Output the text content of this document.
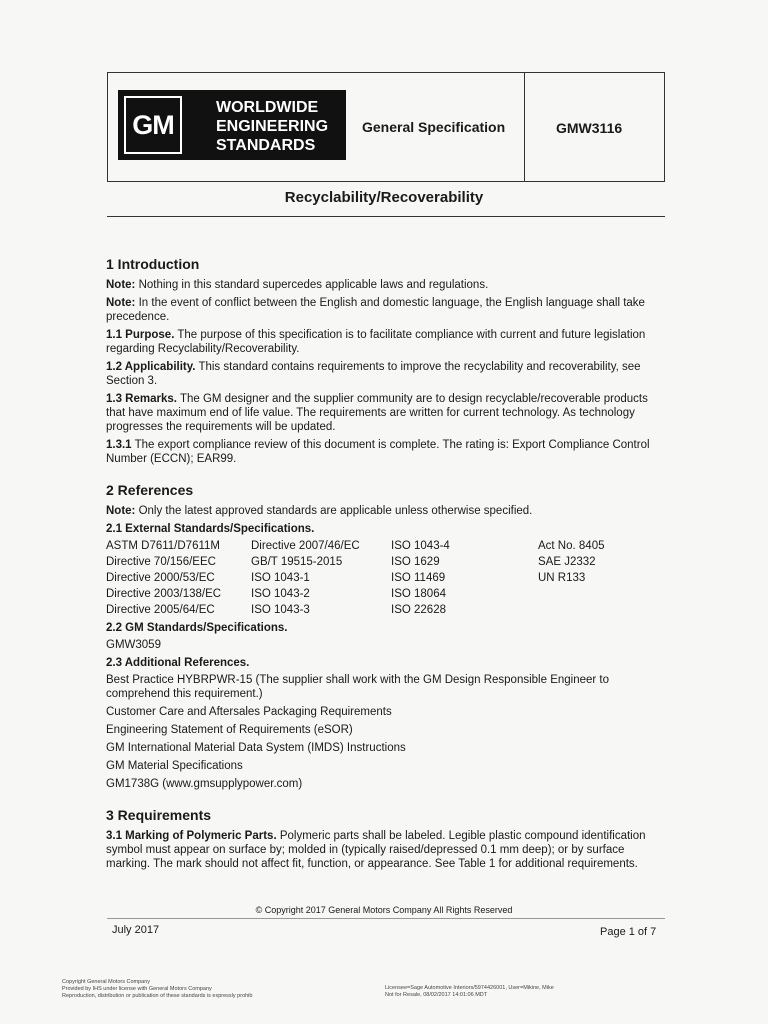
GM
WORLDWIDE
ENGINEERING
STANDARDS
General Specification	GMW3116
Recyclability/Recoverability
1 Introduction

Note: Nothing in this standard supercedes applicable laws and regulations.

Note: In the event of conflict between the English and domestic language, the English language shall take precedence.

1.1 Purpose. The purpose of this specification is to facilitate compliance with current and future legislation regarding Recyclability/Recoverability.

1.2 Applicability. This standard contains requirements to improve the recyclability and recoverability, see Section 3.

1.3 Remarks. The GM designer and the supplier community are to design recyclable/recoverable products that have maximum end of life value. The requirements are written for current technology. As technology progresses the requirements will be updated.

1.3.1 The export compliance review of this document is complete. The rating is: Export Compliance Control Number (ECCN); EAR99.

2 References

Note: Only the latest approved standards are applicable unless otherwise specified.

2.1 External Standards/Specifications.
ASTM D7611/D7611M	Directive 2007/46/EC	ISO 1043-4	Act No. 8405
Directive 70/156/EEC	GB/T 19515-2015	ISO 1629	SAE J2332
Directive 2000/53/EC	ISO 1043-1	ISO 11469	UN R133
Directive 2003/138/EC	ISO 1043-2	ISO 18064
Directive 2005/64/EC	ISO 1043-3	ISO 22628
2.2 GM Standards/Specifications.

GMW3059

2.3 Additional References.

Best Practice HYBRPWR-15 (The supplier shall work with the GM Design Responsible Engineer to comprehend this requirement.)

Customer Care and Aftersales Packaging Requirements

Engineering Statement of Requirements (eSOR)

GM International Material Data System (IMDS) Instructions

GM Material Specifications

GM1738G (www.gmsupplypower.com)

3 Requirements

3.1 Marking of Polymeric Parts. Polymeric parts shall be labeled. Legible plastic compound identification symbol must appear on surface by; molded in (typically raised/depressed 0.1 mm deep); or by surface marking. The mark should not affect fit, function, or appearance. See Table 1 for additional requirements.

© Copyright 2017 General Motors Company All Rights Reserved
July 2017	Page 1 of 7
Copyright General Motors Company
Provided by IHS under license with General Motors Company
Reproduction, distribution or publication of these standards is expressly prohib
Licensee=Sage Automotive Interiors/5974426001, User=Mikine, Mike
Not for Resale, 08/02/2017 14:01:06 MDT
